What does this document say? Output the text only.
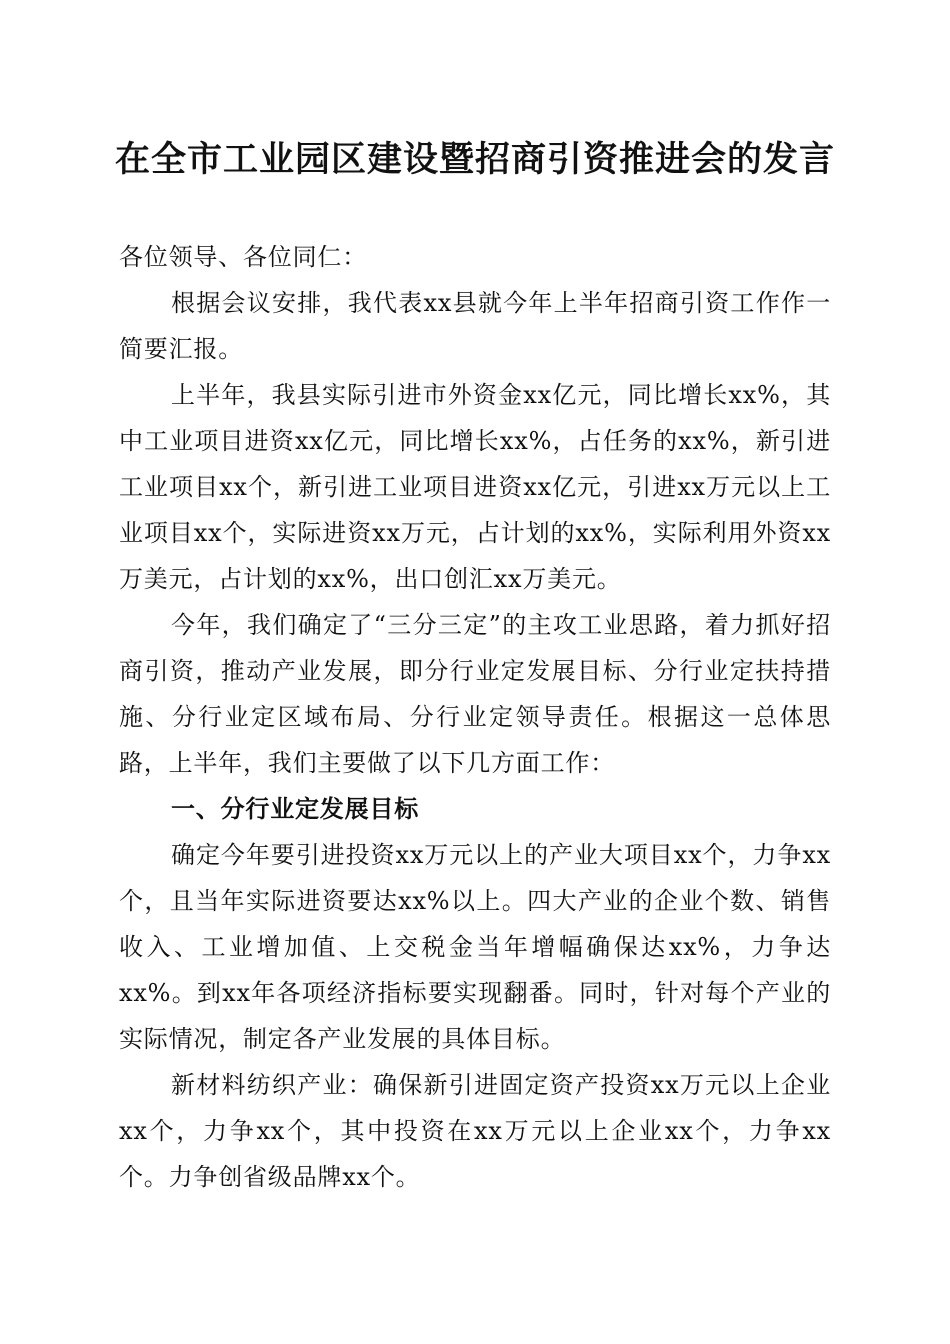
在全市工业园区建设暨招商引资推进会的发言

各位领导、各位同仁：

根据会议安排，我代表xx县就今年上半年招商引资工作作一简要汇报。

上半年，我县实际引进市外资金xx亿元，同比增长xx%，其中工业项目进资xx亿元，同比增长xx%，占任务的xx%，新引进工业项目xx个，新引进工业项目进资xx亿元，引进xx万元以上工业项目xx个，实际进资xx万元，占计划的xx%，实际利用外资xx万美元，占计划的xx%，出口创汇xx万美元。

今年，我们确定了“三分三定”的主攻工业思路，着力抓好招商引资，推动产业发展，即分行业定发展目标、分行业定扶持措施、分行业定区域布局、分行业定领导责任。根据这一总体思路，上半年，我们主要做了以下几方面工作：

一、分行业定发展目标

确定今年要引进投资xx万元以上的产业大项目xx个，力争xx个，且当年实际进资要达xx%以上。四大产业的企业个数、销售收入、工业增加值、上交税金当年增幅确保达xx%，力争达xx%。到xx年各项经济指标要实现翻番。同时，针对每个产业的实际情况，制定各产业发展的具体目标。

新材料纺织产业：确保新引进固定资产投资xx万元以上企业xx个，力争xx个，其中投资在xx万元以上企业xx个，力争xx个。力争创省级品牌xx个。
